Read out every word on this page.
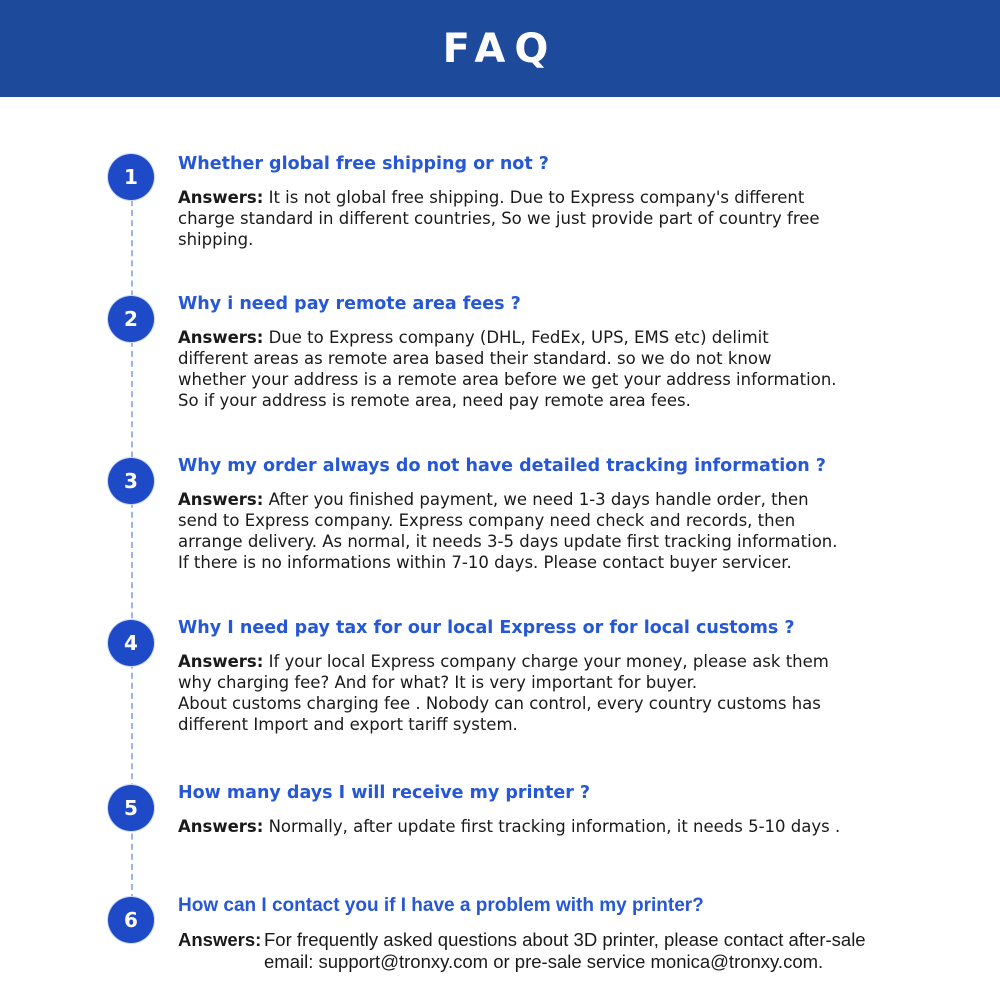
FAQ
1
Whether global free shipping or not ?
Answers: It is not global free shipping. Due to Express company's different
charge standard in different countries, So we just provide part of country free
shipping.
2
Why i need pay remote area fees ?
Answers: Due to Express company (DHL, FedEx, UPS, EMS etc) delimit
different areas as remote area based their standard. so we do not know
whether your address is a remote area before we get your address information.
So if your address is remote area, need pay remote area fees.
3
Why my order always do not have detailed tracking information ?
Answers: After you finished payment, we need 1-3 days handle order, then
send to Express company. Express company need check and records, then
arrange delivery. As normal, it needs 3-5 days update first tracking information.
If there is no informations within 7-10 days. Please contact buyer servicer.
4
Why I need pay tax for our local Express or for local customs ?
Answers: If your local Express company charge your money, please ask them
why charging fee? And for what? It is very important for buyer.
About customs charging fee . Nobody can control, every country customs has
different Import and export tariff system.
5
How many days I will receive my printer ?
Answers: Normally, after update first tracking information, it needs 5-10 days .
6
How can I contact you if I have a problem with my printer?
Answers: For frequently asked questions about 3D printer, please contact after-sale
email: support@tronxy.com or pre-sale service monica@tronxy.com.
